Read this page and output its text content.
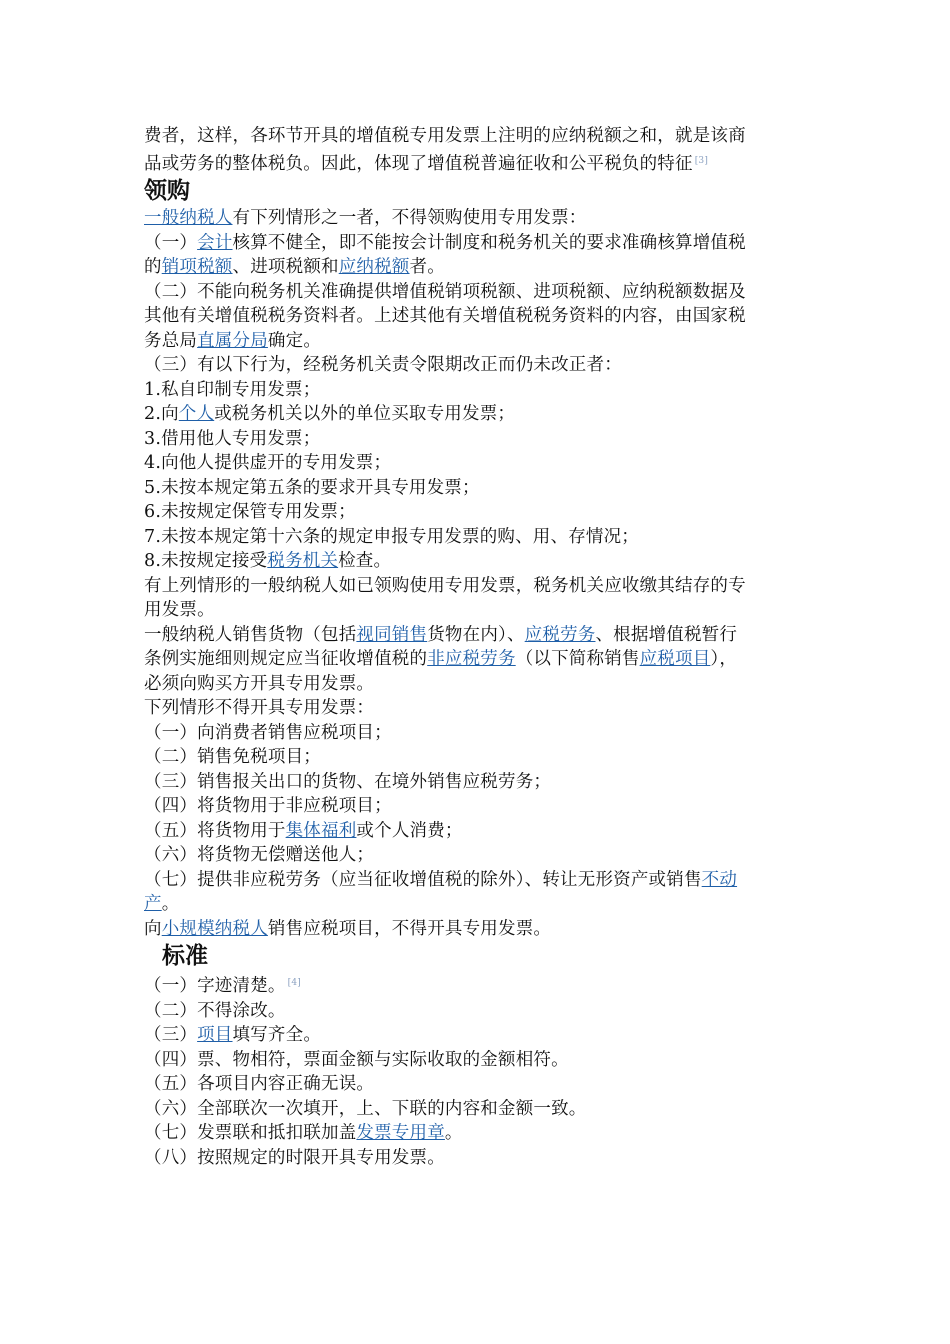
费者，这样，各环节开具的增值税专用发票上注明的应纳税额之和，就是该商

品或劳务的整体税负。因此，体现了增值税普遍征收和公平税负的特征 [3]

领购

一般纳税人有下列情形之一者，不得领购使用专用发票：

（一）会计核算不健全，即不能按会计制度和税务机关的要求准确核算增值税

的销项税额、进项税额和应纳税额者。

（二）不能向税务机关准确提供增值税销项税额、进项税额、应纳税额数据及

其他有关增值税税务资料者。上述其他有关增值税税务资料的内容，由国家税

务总局直属分局确定。

（三）有以下行为，经税务机关责令限期改正而仍未改正者：

1.私自印制专用发票；

2.向个人或税务机关以外的单位买取专用发票；

3.借用他人专用发票；

4.向他人提供虚开的专用发票；

5.未按本规定第五条的要求开具专用发票；

6.未按规定保管专用发票；

7.未按本规定第十六条的规定申报专用发票的购、用、存情况；

8.未按规定接受税务机关检查。

有上列情形的一般纳税人如已领购使用专用发票，税务机关应收缴其结存的专

用发票。

一般纳税人销售货物（包括视同销售货物在内）、应税劳务、根据增值税暂行

条例实施细则规定应当征收增值税的非应税劳务（以下简称销售应税项目），

必须向购买方开具专用发票。

下列情形不得开具专用发票：

（一）向消费者销售应税项目；

（二）销售免税项目；

（三）销售报关出口的货物、在境外销售应税劳务；

（四）将货物用于非应税项目；

（五）将货物用于集体福利或个人消费；

（六）将货物无偿赠送他人；

（七）提供非应税劳务（应当征收增值税的除外）、转让无形资产或销售不动

产。

向小规模纳税人销售应税项目，不得开具专用发票。

标准

（一）字迹清楚。 [4]

（二）不得涂改。

（三）项目填写齐全。

（四）票、物相符，票面金额与实际收取的金额相符。

（五）各项目内容正确无误。

（六）全部联次一次填开，上、下联的内容和金额一致。

（七）发票联和抵扣联加盖发票专用章。

（八）按照规定的时限开具专用发票。
